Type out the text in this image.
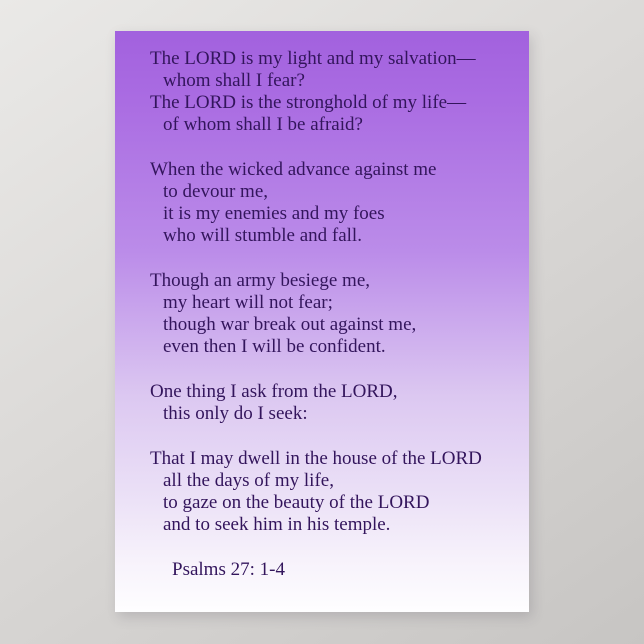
The LORD is my light and my salvation—
whom shall I fear?
The LORD is the stronghold of my life—
of whom shall I be afraid?

When the wicked advance against me
to devour me,
it is my enemies and my foes
who will stumble and fall.

Though an army besiege me,
my heart will not fear;
though war break out against me,
even then I will be confident.

One thing I ask from the LORD,
this only do I seek:

That I may dwell in the house of the LORD
all the days of my life,
to gaze on the beauty of the LORD
and to seek him in his temple.

Psalms 27: 1-4
